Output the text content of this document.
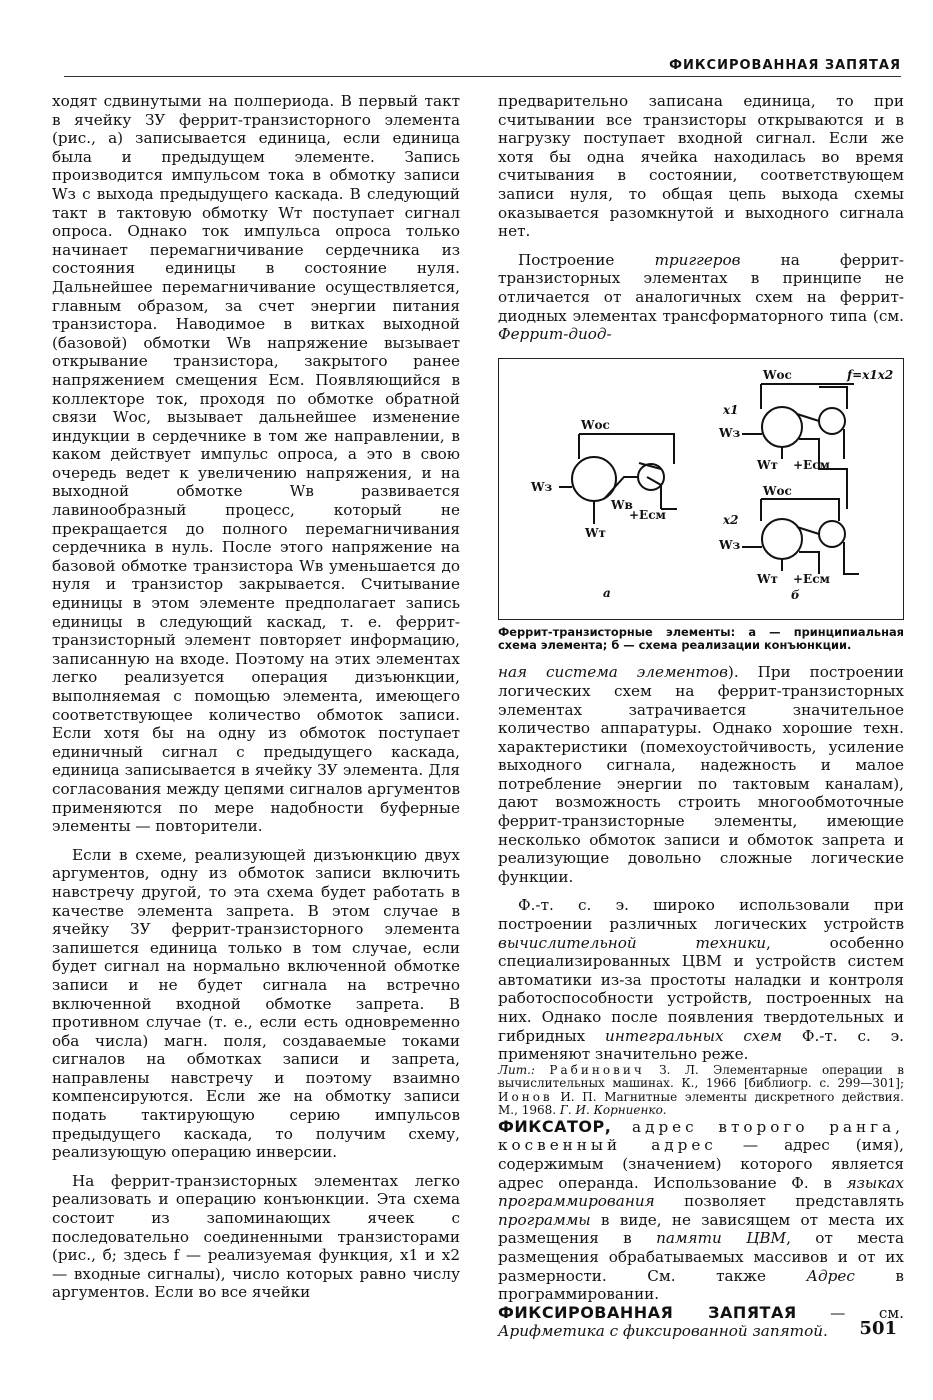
ФИКСИРОВАННАЯ ЗАПЯТАЯ

ходят сдвинутыми на полпериода. В первый такт в ячейку ЗУ феррит-транзисторного элемента (рис., а) записывается единица, если единица была и предыдущем элементе. Запись производится импульсом тока в обмотку записи Wз с выхода предыдущего каскада. В следующий такт в тактовую обмотку Wт поступает сигнал опроса. Однако ток импульса опроса только начинает перемагничивание сердечника из состояния единицы в состояние нуля. Дальнейшее перемагничивание осуществляется, главным образом, за счет энергии питания транзистора. Наводимое в витках выходной (базовой) обмотки Wв напряжение вызывает открывание транзистора, закрытого ранее напряжением смещения Eсм. Появляющийся в коллекторе ток, проходя по обмотке обратной связи Wос, вызывает дальнейшее изменение индукции в сердечнике в том же направлении, в каком действует импульс опроса, а это в свою очередь ведет к увеличению напряжения, и на выходной обмотке Wв развивается лавинообразный процесс, который не прекращается до полного перемагничивания сердечника в нуль. После этого напряжение на базовой обмотке транзистора Wв уменьшается до нуля и транзистор закрывается. Считывание единицы в этом элементе предполагает запись единицы в следующий каскад, т. е. феррит-транзисторный элемент повторяет информацию, записанную на входе. Поэтому на этих элементах легко реализуется операция дизъюнкции, выполняемая с помощью элемента, имеющего соответствующее количество обмоток записи. Если хотя бы на одну из обмоток поступает единичный сигнал с предыдущего каскада, единица записывается в ячейку ЗУ элемента. Для согласования между цепями сигналов аргументов применяются по мере надобности буферные элементы — повторители.

Если в схеме, реализующей дизъюнкцию двух аргументов, одну из обмоток записи включить навстречу другой, то эта схема будет работать в качестве элемента запрета. В этом случае в ячейку ЗУ феррит-транзисторного элемента запишется единица только в том случае, если будет сигнал на нормально включенной обмотке записи и не будет сигнала на встречно включенной входной обмотке запрета. В противном случае (т. е., если есть одновременно оба числа) магн. поля, создаваемые токами сигналов на обмотках записи и запрета, направлены навстречу и поэтому взаимно компенсируются. Если же на обмотку записи подать тактирующую серию импульсов предыдущего каскада, то получим схему, реализующую операцию инверсии.

На феррит-транзисторных элементах легко реализовать и операцию конъюнкции. Эта схема состоит из запоминающих ячеек с последовательно соединенными транзисторами (рис., б; здесь f — реализуемая функция, x1 и x2 — входные сигналы), число которых равно числу аргументов. Если во все ячейки

предварительно записана единица, то при считывании все транзисторы открываются и в нагрузку поступает входной сигнал. Если же хотя бы одна ячейка находилась во время считывания в состоянии, соответствующем записи нуля, то общая цепь выхода схемы оказывается разомкнутой и выходного сигнала нет.

Построение триггеров на феррит-транзисторных элементах в принципе не отличается от аналогичных схем на феррит-диодных элементах трансформаторного типа (см. Феррит-диод-

Wос
Wз
Wв
Wт
+Eсм
а
Wос	f=x1x2
x1
Wз
Wт +Eсм
Wос
x2
Wз
Wт +Eсм
б
Феррит-транзисторные элементы: а — принципиальная схема элемента; б — схема реализации конъюнкции.

ная система элементов). При построении логических схем на феррит-транзисторных элементах затрачивается значительное количество аппаратуры. Однако хорошие техн. характеристики (помехоустойчивость, усиление выходного сигнала, надежность и малое потребление энергии по тактовым каналам), дают возможность строить многообмоточные феррит-транзисторные элементы, имеющие несколько обмоток записи и обмоток запрета и реализующие довольно сложные логические функции.

Ф.-т. с. э. широко использовали при построении различных логических устройств вычислительной техники, особенно специализированных ЦВМ и устройств систем автоматики из-за простоты наладки и контроля работоспособности устройств, построенных на них. Однако после появления твердотельных и гибридных интегральных схем Ф.-т. с. э. применяют значительно реже.

Лит.: Рабинович З. Л. Элементарные операции в вычислительных машинах. К., 1966 [библиогр. с. 299—301]; Ионов И. П. Магнитные элементы дискретного действия. М., 1968. Г. И. Корниенко.

ФИКСАТОР, адрес второго ранга, косвенный адрес — адрес (имя), содержимым (значением) которого является адрес операнда. Использование Ф. в языках программирования позволяет представлять программы в виде, не зависящем от места их размещения в памяти ЦВМ, от места размещения обрабатываемых массивов и от их размерности. См. также Адрес в программировании.

ФИКСИРОВАННАЯ ЗАПЯТАЯ — см. Арифметика с фиксированной запятой.	501
